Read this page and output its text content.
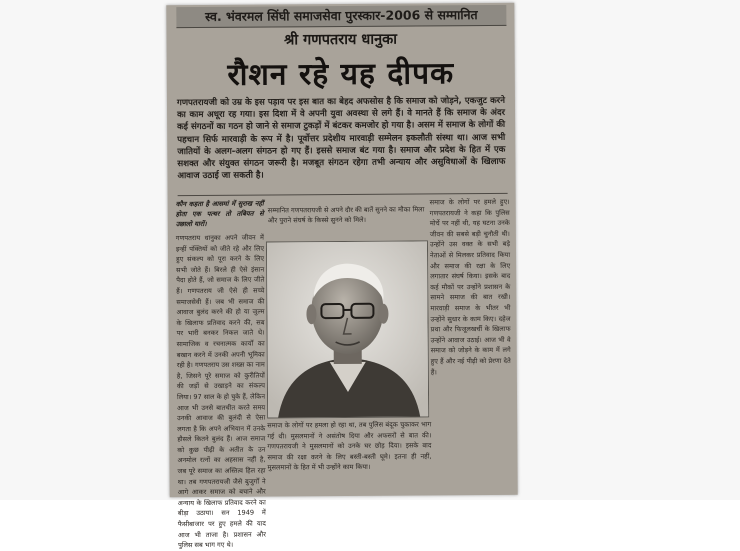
स्व. भंवरमल सिंघी समाजसेवा पुरस्कार-2006 से सम्मानित
श्री गणपतराय धानुका
रौशन रहे यह दीपक

गणपतरायजी को उम्र के इस पड़ाव पर इस बात का बेहद अफसोस है कि समाज को जोड़ने, एकजुट करने का काम अधूरा रह गया। इस दिशा में वे अपनी युवा अवस्था से लगे हैं। वे मानते हैं कि समाज के अंदर कई संगठनों का गठन हो जाने से समाज टुकड़ों में बंटकर कमजोर हो गया है। असम में समाज के लोगों की पहचान सिर्फ मारवाड़ी के रूप में है। पूर्वोत्तर प्रदेशीय मारवाड़ी सम्मेलन इकलौती संस्था था। आज सभी जातियों के अलग-अलग संगठन हो गए हैं। इससे समाज बंट गया है। समाज और प्रदेश के हित में एक सशक्त और संयुक्त संगठन जरूरी है। मजबूत संगठन रहेगा तभी अन्याय और असुविधाओं के खिलाफ आवाज उठाई जा सकती है।

कौन कहता है आसमां में सुराख नहीं होता एक पत्थर तो तबियत से उछालो यारों।

गणपतराय धानुका अपने जीवन में इन्हीं पंक्तियों को जीते रहे और लिए हुए संकल्प को पूरा करने के लिए सभी जोते हैं। बिरले ही ऐसे इंसान पैदा होते हैं, जो समाज के लिए जीते हैं। गणपतराय जी ऐसे ही सच्चे समाजसेवी हैं। जब भी समाज की आवाज बुलंद करने की हो या जुल्म के खिलाफ प्रतिवाद करने की, सब पर भारी बनकर निकल जाते थे। सामाजिक व रचनात्मक कार्यों का बखान करने में उनकी अपनी भूमिका रही है। गणपतराय उस शख्स का नाम है, जिसने पूरे समाज को कुरीतियों की जड़ों से उखाड़ने का संकल्प लिया। 97 साल के हो चुके हैं, लेकिन आज भी उनसे बातचीत करते समय उनकी आवाज की बुलंदी से ऐसा लगता है कि अपने अभियान में उनके हौसले कितने बुलंद हैं। आज समाज को कुछ पीढ़ी के अतीत के उन अनमोल रत्नों का अहसास नहीं है, जब पूरे समाज का अस्तित्व हिल रहा था। तब गणपतरायजी जैसे बुजुर्गों ने आगे आकर समाज को बचाने और अन्याय के खिलाफ प्रतिवाद करने का बीड़ा उठाया। सन 1949 में फैसीबाजार पर हुए हमले की याद आज भी ताजा है। प्रशासन और पुलिस सब भाग गए थे।

सम्मानित गणपतरायजी से अपने दौर की बातें सुनने का मौका मिला और पुराने संघर्ष के किस्से सुनने को मिले।

समाज के लोगों पर हमला हो रहा था, तब पुलिस बंदूक चुकाकर भाग गई थी। मुसलमानों ने असंतोष दिया और अफसरों से बात की। गणपतरायजी ने मुसलमानों को उनके घर छोड़ दिया। इसके बाद समाज की रक्षा करने के लिए बस्ती-बस्ती घूमे। इतना ही नहीं, मुसलमानों के हित में भी उन्होंने काम किया।

समाज के लोगों पर हमले हुए। गणपतरायजी ने कहा कि पुलिस मोर्चे पर नहीं थी, यह घटना उनके जीवन की सबसे बड़ी चुनौती थी। उन्होंने उस वक्त के सभी बड़े नेताओं से मिलकर प्रतिवाद किया और समाज की रक्षा के लिए लगातार संघर्ष किया। इसके बाद कई मौकों पर उन्होंने प्रशासन के सामने समाज की बात रखी। मारवाड़ी समाज के भीतर भी उन्होंने सुधार के काम किए। दहेज प्रथा और फिजूलखर्ची के खिलाफ उन्होंने आवाज उठाई। आज भी वे समाज को जोड़ने के काम में लगे हुए हैं और नई पीढ़ी को प्रेरणा देते हैं।
